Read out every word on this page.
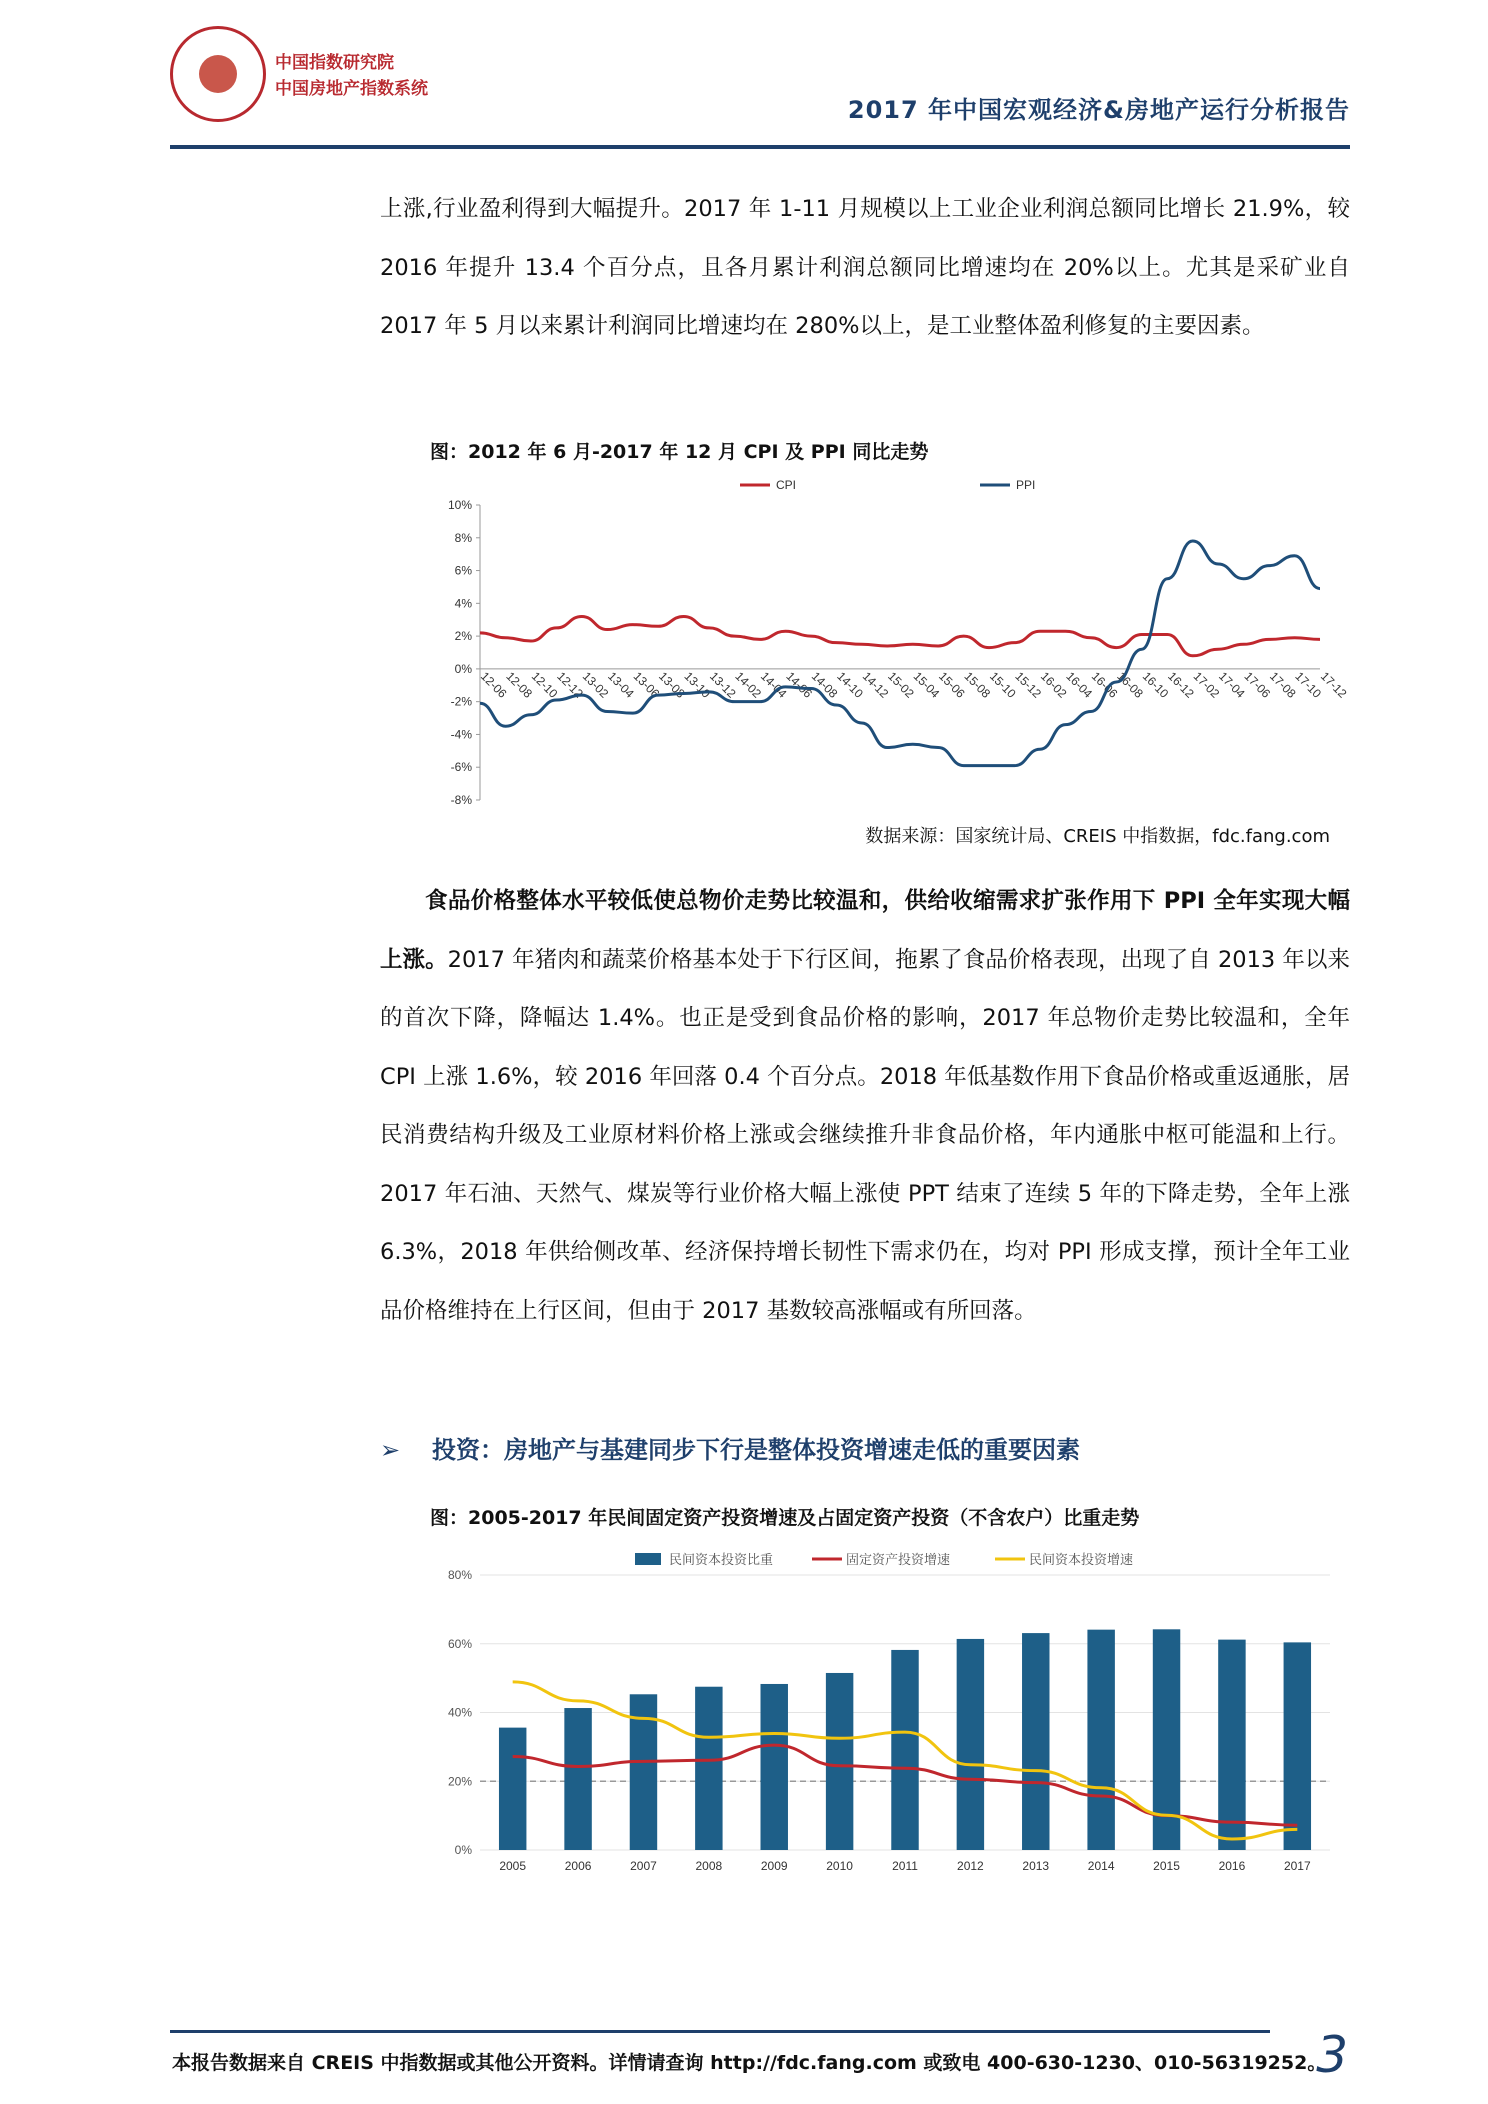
中国指数研究院
中国房地产指数系统
2017 年中国宏观经济&房地产运行分析报告

上涨,行业盈利得到大幅提升。2017 年 1-11 月规模以上工业企业利润总额同比增长 21.9%，较 2016 年提升 13.4 个百分点，且各月累计利润总额同比增速均在 20%以上。尤其是采矿业自 2017 年 5 月以来累计利润同比增速均在 280%以上，是工业整体盈利修复的主要因素。

图：2012 年 6 月-2017 年 12 月 CPI 及 PPI 同比走势
10%
8%
6%
4%
2%
0%
-2%
-4%
-6%
-8%
12-06
12-08
12-10
12-12
13-02
13-04
13-06
13-08
13-10
13-12
14-02
14-04
14-06
14-08
14-10
14-12
15-02
15-04
15-06
15-08
15-10
15-12
16-02
16-04
16-06
16-08
16-10
16-12
17-02
17-04
17-06
17-08
17-10
17-12
CPI	PPI
数据来源：国家统计局、CREIS 中指数据，fdc.fang.com

食品价格整体水平较低使总物价走势比较温和，供给收缩需求扩张作用下 PPI 全年实现大幅上涨。2017 年猪肉和蔬菜价格基本处于下行区间，拖累了食品价格表现，出现了自 2013 年以来的首次下降，降幅达 1.4%。也正是受到食品价格的影响，2017 年总物价走势比较温和，全年 CPI 上涨 1.6%，较 2016 年回落 0.4 个百分点。2018 年低基数作用下食品价格或重返通胀，居民消费结构升级及工业原材料价格上涨或会继续推升非食品价格，年内通胀中枢可能温和上行。2017 年石油、天然气、煤炭等行业价格大幅上涨使 PPT 结束了连续 5 年的下降走势，全年上涨 6.3%，2018 年供给侧改革、经济保持增长韧性下需求仍在，均对 PPI 形成支撑，预计全年工业品价格维持在上行区间，但由于 2017 基数较高涨幅或有所回落。

➢ 投资：房地产与基建同步下行是整体投资增速走低的重要因素
图：2005-2017 年民间固定资产投资增速及占固定资产投资（不含农户）比重走势
80%
60%
40%
20%
0%
2005	2006	2007	2008	2009	2010	2011	2012	2013	2014	2015	2016	2017
民间资本投资比重	固定资产投资增速	民间资本投资增速
本报告数据来自 CREIS 中指数据或其他公开资料。详情请查询 http://fdc.fang.com 或致电 400-630-1230、010-56319252。
3
